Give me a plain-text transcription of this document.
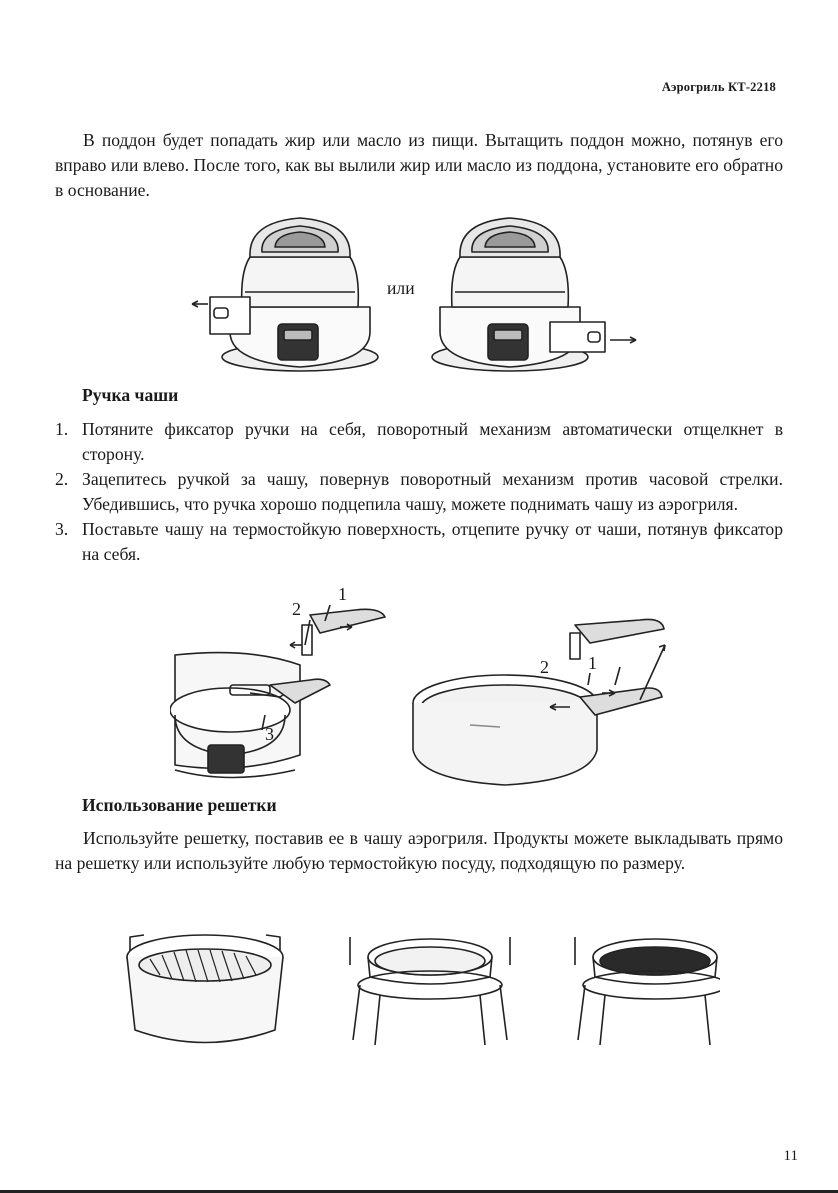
Аэрогриль КТ-2218

В поддон будет попадать жир или масло из пищи. Вытащить поддон можно, потянув его вправо или влево. После того, как вы вылили жир или масло из поддона, установите его обратно в основание.

или
Ручка чаши
1. Потяните фиксатор ручки на себя, поворотный механизм автоматически отщелкнет в сторону.
2. Зацепитесь ручкой за чашу, повернув поворотный механизм против часовой стрелки. Убедившись, что ручка хорошо подцепила чашу, можете поднимать чашу из аэрогриля.
3. Поставьте чашу на термостойкую поверхность, отцепите ручку от чаши, потянув фиксатор на себя.
2
1
3
2 1
Использование решетки

Используйте решетку, поставив ее в чашу аэрогриля. Продукты можете выкладывать прямо на решетку или используйте любую термостойкую посуду, подходящую по размеру.

11
